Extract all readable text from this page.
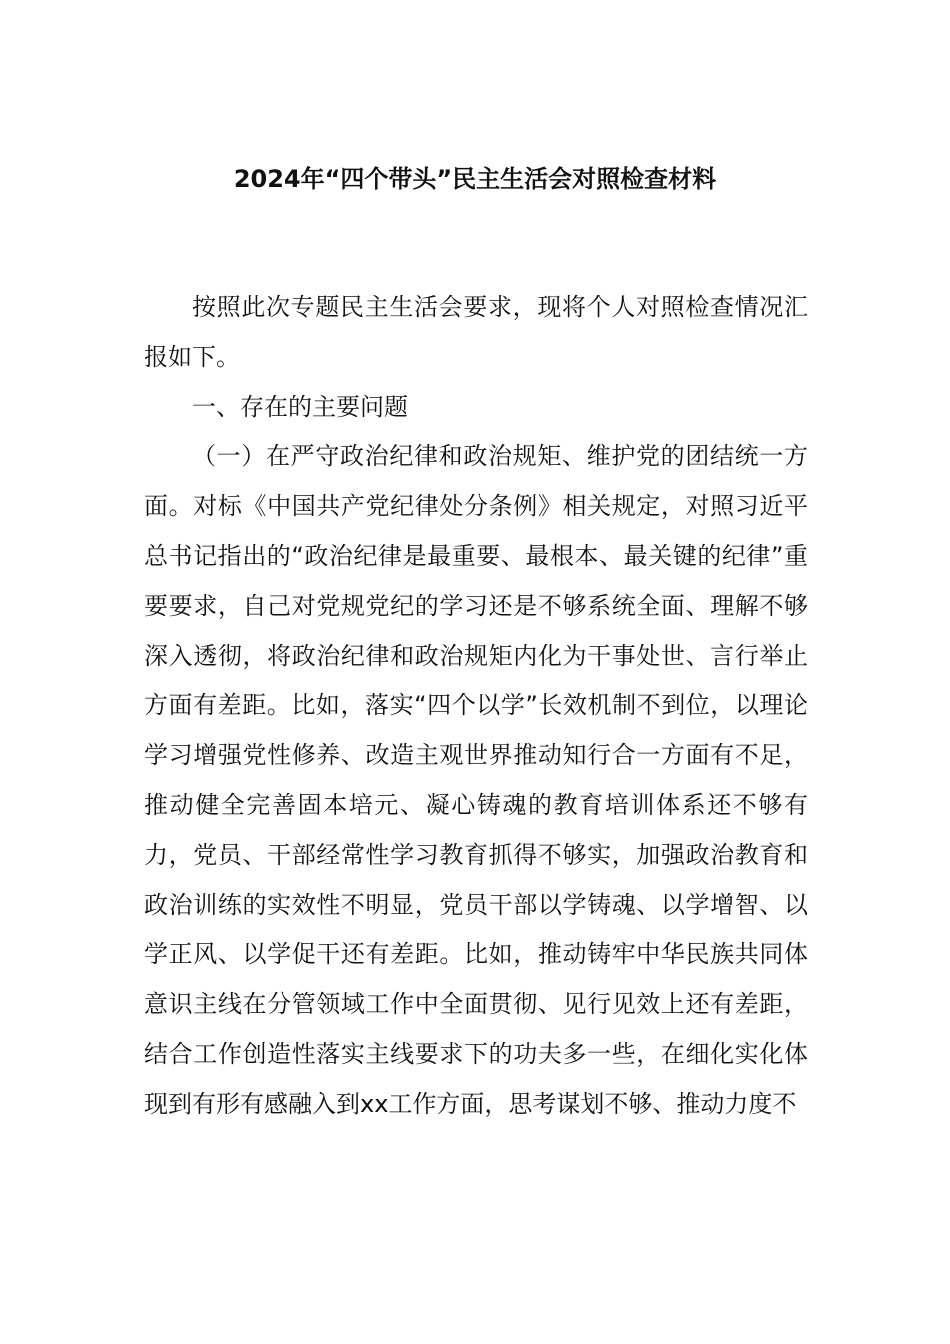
2024年“四个带头”民主生活会对照检查材料

按照此次专题民主生活会要求，现将个人对照检查情况汇报如下。

一、存在的主要问题

（一）在严守政治纪律和政治规矩、维护党的团结统一方面。对标《中国共产党纪律处分条例》相关规定，对照习近平总书记指出的“政治纪律是最重要、最根本、最关键的纪律”重要要求，自己对党规党纪的学习还是不够系统全面、理解不够深入透彻，将政治纪律和政治规矩内化为干事处世、言行举止方面有差距。比如，落实“四个以学”长效机制不到位，以理论学习增强党性修养、改造主观世界推动知行合一方面有不足，推动健全完善固本培元、凝心铸魂的教育培训体系还不够有力，党员、干部经常性学习教育抓得不够实，加强政治教育和政治训练的实效性不明显，党员干部以学铸魂、以学增智、以学正风、以学促干还有差距。比如，推动铸牢中华民族共同体意识主线在分管领域工作中全面贯彻、见行见效上还有差距，结合工作创造性落实主线要求下的功夫多一些，在细化实化体现到有形有感融入到xx工作方面，思考谋划不够、推动力度不
